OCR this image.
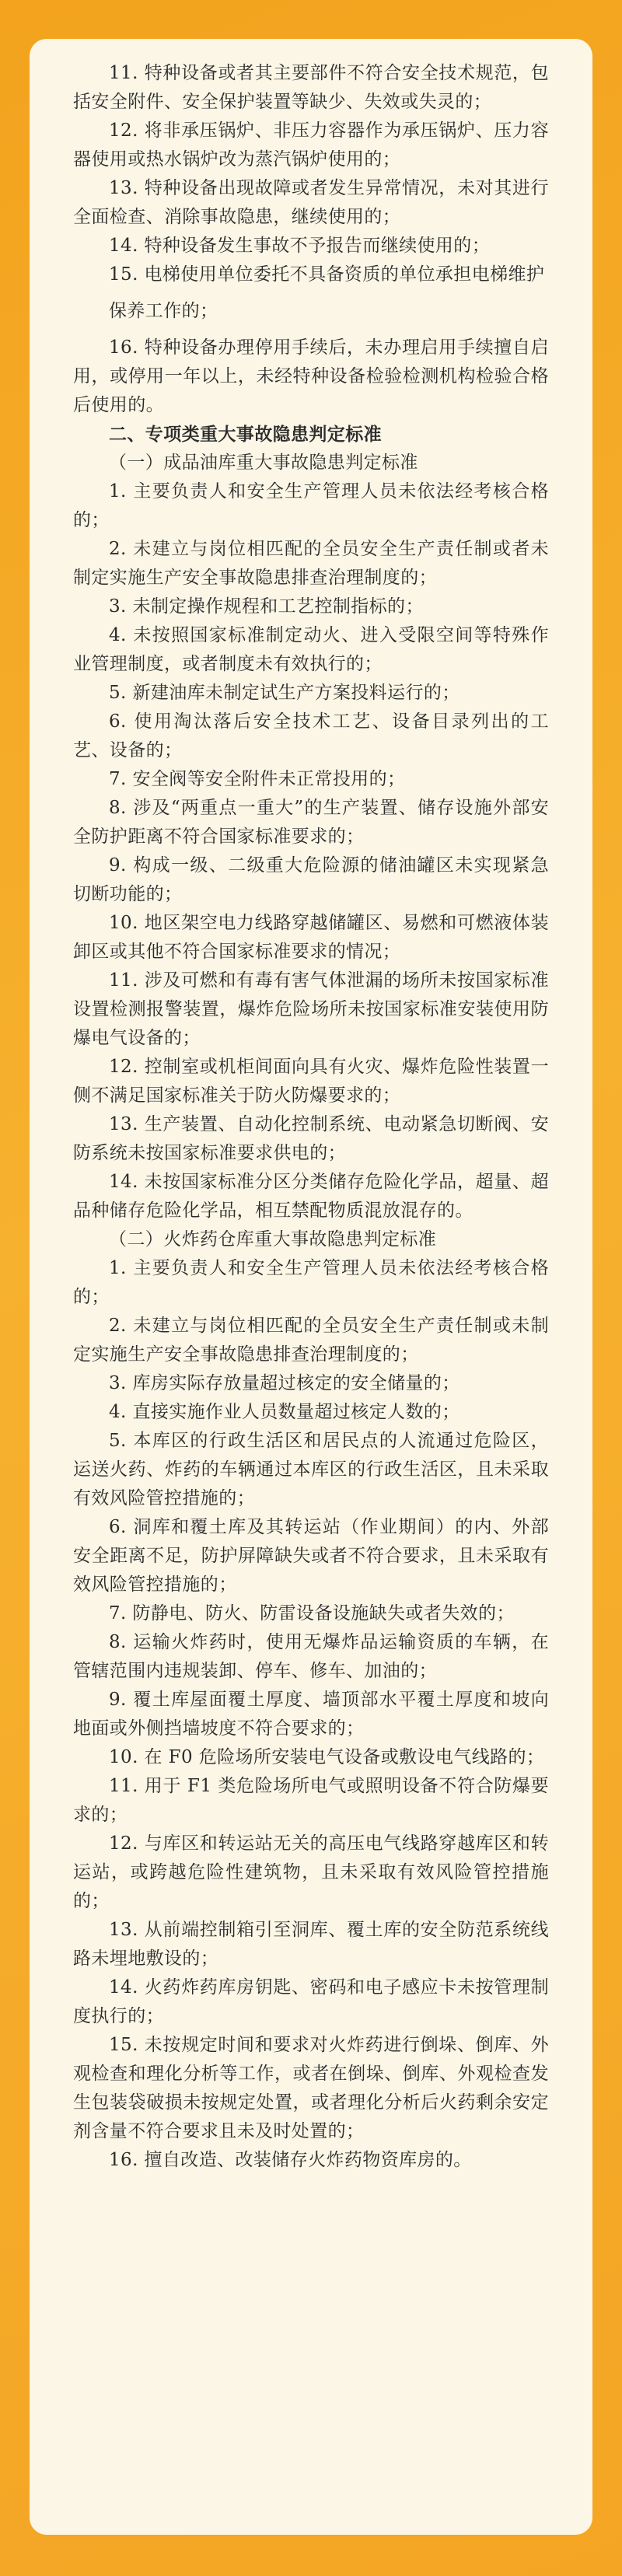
11. 特种设备或者其主要部件不符合安全技术规范，包括安全附件、安全保护装置等缺少、失效或失灵的；

12. 将非承压锅炉、非压力容器作为承压锅炉、压力容器使用或热水锅炉改为蒸汽锅炉使用的；

13. 特种设备出现故障或者发生异常情况，未对其进行全面检查、消除事故隐患，继续使用的；

14. 特种设备发生事故不予报告而继续使用的；

15. 电梯使用单位委托不具备资质的单位承担电梯维护

保养工作的；

16. 特种设备办理停用手续后，未办理启用手续擅自启用，或停用一年以上，未经特种设备检验检测机构检验合格后使用的。

二、专项类重大事故隐患判定标准

（一）成品油库重大事故隐患判定标准

1. 主要负责人和安全生产管理人员未依法经考核合格的；

2. 未建立与岗位相匹配的全员安全生产责任制或者未制定实施生产安全事故隐患排查治理制度的；

3. 未制定操作规程和工艺控制指标的；

4. 未按照国家标准制定动火、进入受限空间等特殊作业管理制度，或者制度未有效执行的；

5. 新建油库未制定试生产方案投料运行的；

6. 使用淘汰落后安全技术工艺、设备目录列出的工艺、设备的；

7. 安全阀等安全附件未正常投用的；

8. 涉及“两重点一重大”的生产装置、储存设施外部安全防护距离不符合国家标准要求的；

9. 构成一级、二级重大危险源的储油罐区未实现紧急切断功能的；

10. 地区架空电力线路穿越储罐区、易燃和可燃液体装卸区或其他不符合国家标准要求的情况；

11. 涉及可燃和有毒有害气体泄漏的场所未按国家标准设置检测报警装置，爆炸危险场所未按国家标准安装使用防爆电气设备的；

12. 控制室或机柜间面向具有火灾、爆炸危险性装置一侧不满足国家标准关于防火防爆要求的；

13. 生产装置、自动化控制系统、电动紧急切断阀、安防系统未按国家标准要求供电的；

14. 未按国家标准分区分类储存危险化学品，超量、超品种储存危险化学品，相互禁配物质混放混存的。

（二）火炸药仓库重大事故隐患判定标准

1. 主要负责人和安全生产管理人员未依法经考核合格的；

2. 未建立与岗位相匹配的全员安全生产责任制或未制定实施生产安全事故隐患排查治理制度的；

3. 库房实际存放量超过核定的安全储量的；

4. 直接实施作业人员数量超过核定人数的；

5. 本库区的行政生活区和居民点的人流通过危险区，运送火药、炸药的车辆通过本库区的行政生活区，且未采取有效风险管控措施的；

6. 洞库和覆土库及其转运站（作业期间）的内、外部安全距离不足，防护屏障缺失或者不符合要求，且未采取有效风险管控措施的；

7. 防静电、防火、防雷设备设施缺失或者失效的；

8. 运输火炸药时，使用无爆炸品运输资质的车辆，在管辖范围内违规装卸、停车、修车、加油的；

9. 覆土库屋面覆土厚度、墙顶部水平覆土厚度和坡向地面或外侧挡墙坡度不符合要求的；

10. 在 F0 危险场所安装电气设备或敷设电气线路的；

11. 用于 F1 类危险场所电气或照明设备不符合防爆要求的；

12. 与库区和转运站无关的高压电气线路穿越库区和转运站，或跨越危险性建筑物，且未采取有效风险管控措施的；

13. 从前端控制箱引至洞库、覆土库的安全防范系统线路未埋地敷设的；

14. 火药炸药库房钥匙、密码和电子感应卡未按管理制度执行的；

15. 未按规定时间和要求对火炸药进行倒垛、倒库、外观检查和理化分析等工作，或者在倒垛、倒库、外观检查发生包装袋破损未按规定处置，或者理化分析后火药剩余安定剂含量不符合要求且未及时处置的；

16. 擅自改造、改装储存火炸药物资库房的。
